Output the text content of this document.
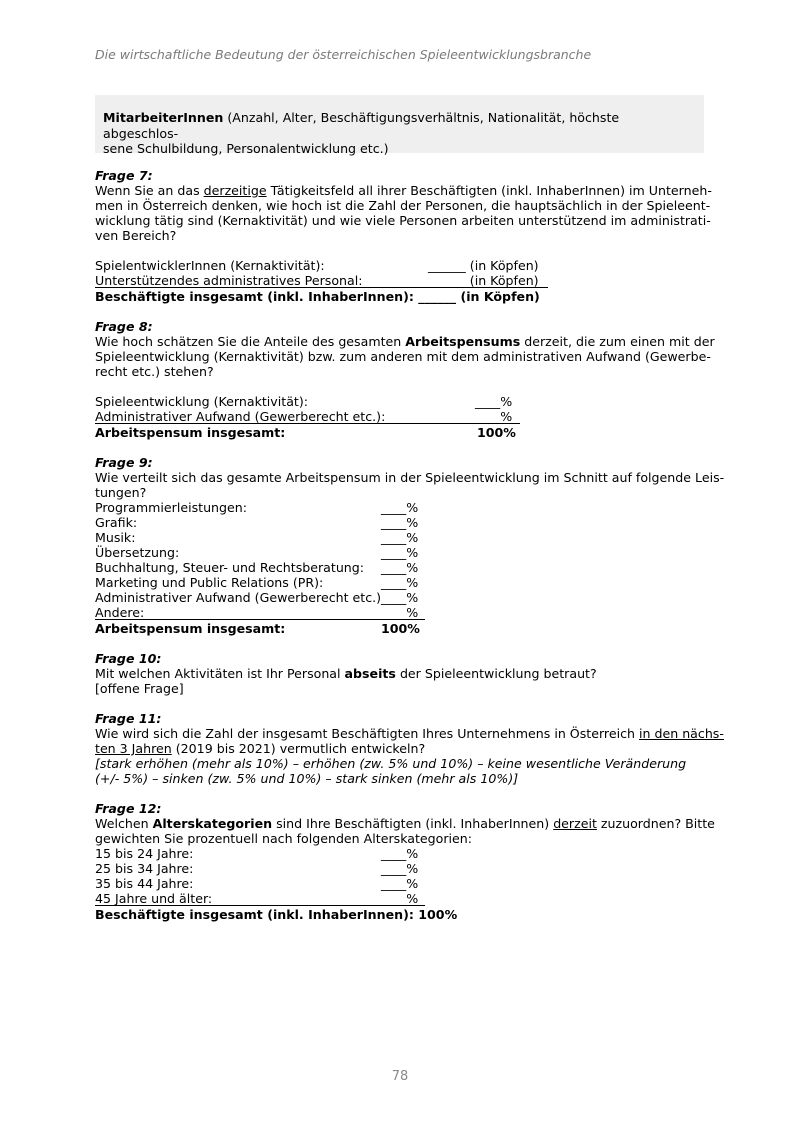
Die wirtschaftliche Bedeutung der österreichischen Spieleentwicklungsbranche
MitarbeiterInnen (Anzahl, Alter, Beschäftigungsverhältnis, Nationalität, höchste abgeschlos-
sene Schulbildung, Personalentwicklung etc.)
Frage 7:
Wenn Sie an das derzeitige Tätigkeitsfeld all ihrer Beschäftigten (inkl. InhaberInnen) im Unterneh-
men in Österreich denken, wie hoch ist die Zahl der Personen, die hauptsächlich in der Spieleent-
wicklung tätig sind (Kernaktivität) und wie viele Personen arbeiten unterstützend im administrati-
ven Bereich?
SpielentwicklerInnen (Kernaktivität):	______ (in Köpfen)
Unterstützendes administratives Personal:	______ (in Köpfen)
Beschäftigte insgesamt (inkl. InhaberInnen): ______ (in Köpfen)
Frage 8:
Wie hoch schätzen Sie die Anteile des gesamten Arbeitspensums derzeit, die zum einen mit der
Spieleentwicklung (Kernaktivität) bzw. zum anderen mit dem administrativen Aufwand (Gewerbe-
recht etc.) stehen?
Spieleentwicklung (Kernaktivität):	____%
Administrativer Aufwand (Gewerberecht etc.):	____%
Arbeitspensum insgesamt:	100%
Frage 9:
Wie verteilt sich das gesamte Arbeitspensum in der Spieleentwicklung im Schnitt auf folgende Leis-
tungen?
Programmierleistungen:	____%
Grafik:	____%
Musik:	____%
Übersetzung:	____%
Buchhaltung, Steuer- und Rechtsberatung: ____%
Marketing und Public Relations (PR):	____%
Administrativer Aufwand (Gewerberecht etc.) ____%
Andere: ______	____%
Arbeitspensum insgesamt:	100%
Frage 10:
Mit welchen Aktivitäten ist Ihr Personal abseits der Spieleentwicklung betraut?
[offene Frage]
Frage 11:
Wie wird sich die Zahl der insgesamt Beschäftigten Ihres Unternehmens in Österreich in den nächs-
ten 3 Jahren (2019 bis 2021) vermutlich entwickeln?
[stark erhöhen (mehr als 10%) – erhöhen (zw. 5% und 10%) – keine wesentliche Veränderung
(+/- 5%) – sinken (zw. 5% und 10%) – stark sinken (mehr als 10%)]
Frage 12:
Welchen Alterskategorien sind Ihre Beschäftigten (inkl. InhaberInnen) derzeit zuzuordnen? Bitte
gewichten Sie prozentuell nach folgenden Alterskategorien:
15 bis 24 Jahre:	____%
25 bis 34 Jahre:	____%
35 bis 44 Jahre:	____%
45 Jahre und älter:	____%
Beschäftigte insgesamt (inkl. InhaberInnen): 100%
78
